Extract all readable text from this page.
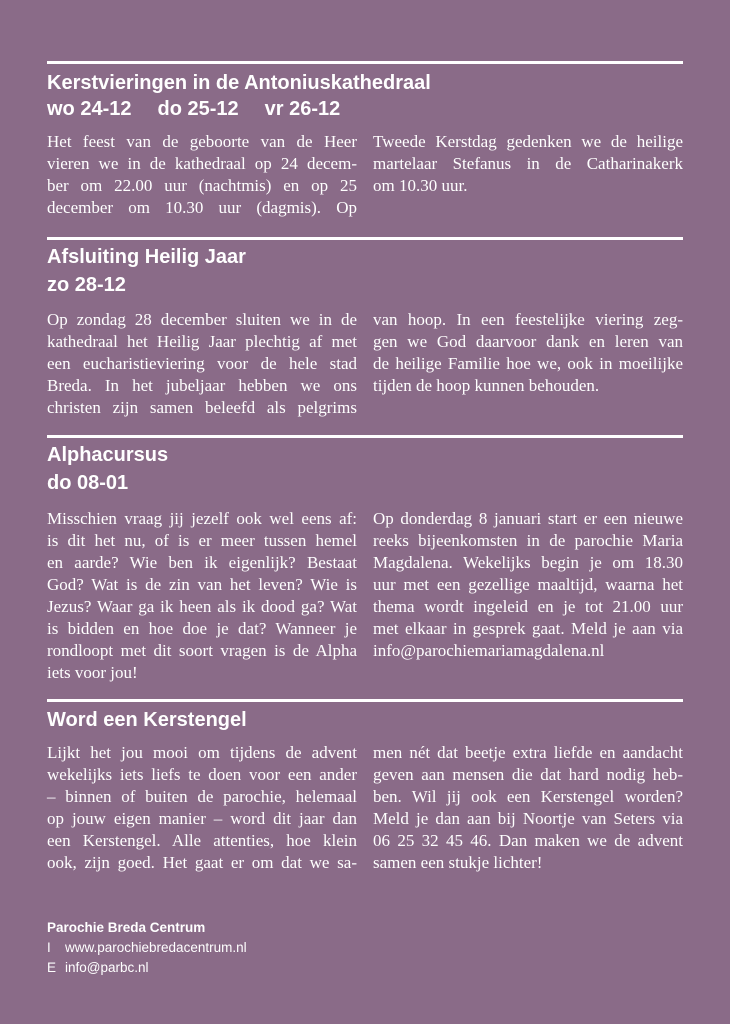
Kerstvieringen in de Antoniuskathedraal
wo 24-12 do 25-12 vr 26-12
Het feest van de geboorte van de Heer
vieren we in de kathedraal op 24 decem-
ber om 22.00 uur (nachtmis) en op 25
december om 10.30 uur (dagmis). Op
Tweede Kerstdag gedenken we de heilige
martelaar Stefanus in de Catharinakerk
om 10.30 uur.
Afsluiting Heilig Jaar
zo 28-12
Op zondag 28 december sluiten we in de
kathedraal het Heilig Jaar plechtig af met
een eucharistieviering voor de hele stad
Breda. In het jubeljaar hebben we ons
christen zijn samen beleefd als pelgrims
van hoop. In een feestelijke viering zeg-
gen we God daarvoor dank en leren van
de heilige Familie hoe we, ook in moeilijke
tijden de hoop kunnen behouden.
Alphacursus
do 08-01
Misschien vraag jij jezelf ook wel eens af:
is dit het nu, of is er meer tussen hemel
en aarde? Wie ben ik eigenlijk? Bestaat
God? Wat is de zin van het leven? Wie is
Jezus? Waar ga ik heen als ik dood ga? Wat
is bidden en hoe doe je dat? Wanneer je
rondloopt met dit soort vragen is de Alpha
iets voor jou!
Op donderdag 8 januari start er een nieuwe
reeks bijeenkomsten in de parochie Maria
Magdalena. Wekelijks begin je om 18.30
uur met een gezellige maaltijd, waarna het
thema wordt ingeleid en je tot 21.00 uur
met elkaar in gesprek gaat. Meld je aan via
info@parochiemariamagdalena.nl
Word een Kerstengel
Lijkt het jou mooi om tijdens de advent
wekelijks iets liefs te doen voor een ander
– binnen of buiten de parochie, helemaal
op jouw eigen manier – word dit jaar dan
een Kerstengel. Alle attenties, hoe klein
ook, zijn goed. Het gaat er om dat we sa-
men nét dat beetje extra liefde en aandacht
geven aan mensen die dat hard nodig heb-
ben. Wil jij ook een Kerstengel worden?
Meld je dan aan bij Noortje van Seters via
06 25 32 45 46. Dan maken we de advent
samen een stukje lichter!
Parochie Breda Centrum
I www.parochiebredacentrum.nl
E info@parbc.nl
